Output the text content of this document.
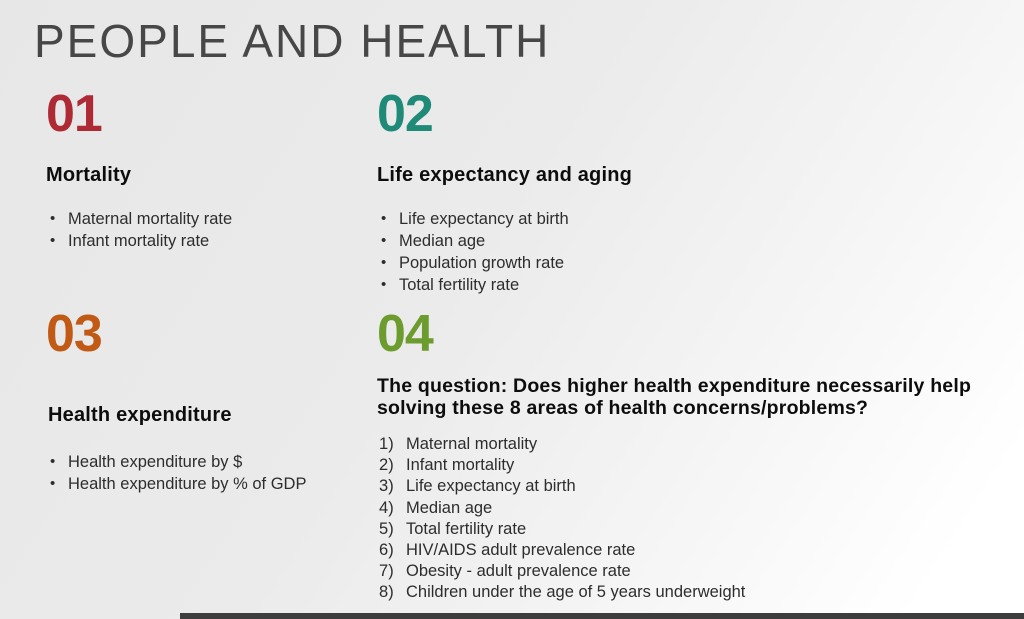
PEOPLE AND HEALTH
01
Mortality
• Maternal mortality rate
• Infant mortality rate
02
Life expectancy and aging
• Life expectancy at birth
• Median age
• Population growth rate
• Total fertility rate
03
Health expenditure
• Health expenditure by $
• Health expenditure by % of GDP
04
The question: Does higher health expenditure necessarily help solving these 8 areas of health concerns/problems?
Maternal mortality
Infant mortality
Life expectancy at birth
Median age
Total fertility rate
HIV/AIDS adult prevalence rate
Obesity - adult prevalence rate
Children under the age of 5 years underweight
